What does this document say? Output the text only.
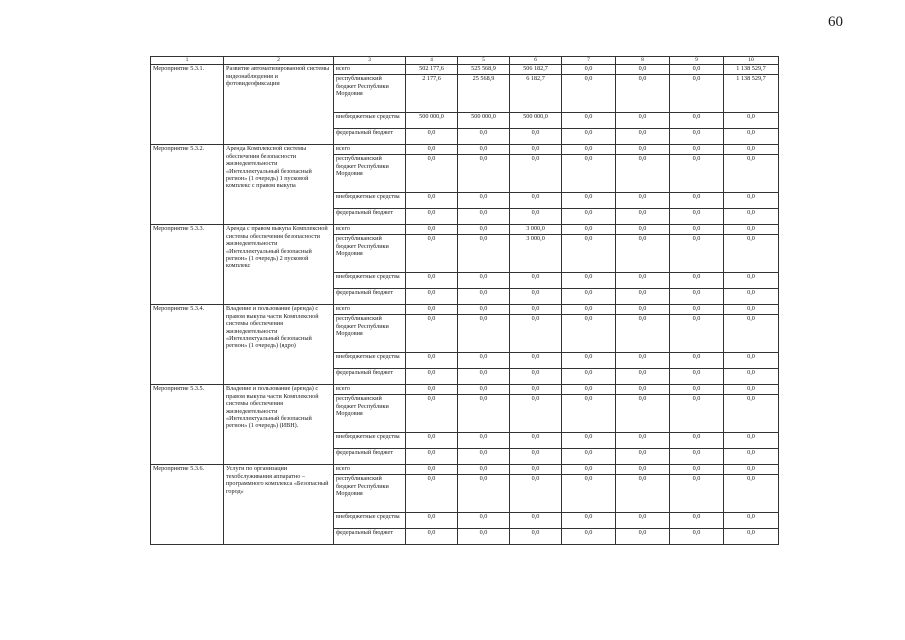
60
1	2	3	4	5	6	7	8	9	10
Мероприятие 5.3.1.	Развитие автоматизированной системы видеонаблюдения и фотовидеофиксации	всего	502 177,6	525 568,9	506 182,7	0,0	0,0	0,0	1 138 529,7
		республиканский бюджет Республики Мордовия	2 177,6	25 568,9	6 182,7	0,0	0,0	0,0	1 138 529,7
		внебюджетные средства	500 000,0	500 000,0	500 000,0	0,0	0,0	0,0	0,0
		федеральный бюджет	0,0	0,0	0,0	0,0	0,0	0,0	0,0
Мероприятие 5.3.2.	Аренда Комплексной системы обеспечения безопасности жизнедеятельности «Интеллектуальный безопасный регион» (1 очередь) 1 пусковой комплекс с правом выкупа	всего	0,0	0,0	0,0	0,0	0,0	0,0	0,0
		республиканский бюджет Республики Мордовия	0,0	0,0	0,0	0,0	0,0	0,0	0,0
		внебюджетные средства	0,0	0,0	0,0	0,0	0,0	0,0	0,0
		федеральный бюджет	0,0	0,0	0,0	0,0	0,0	0,0	0,0
Мероприятие 5.3.3.	Аренда с правом выкупа Комплексной системы обеспечения безопасности жизнедеятельности «Интеллектуальный безопасный регион» (1 очередь) 2 пусковой комплекс	всего	0,0	0,0	3 000,0	0,0	0,0	0,0	0,0
		республиканский бюджет Республики Мордовия	0,0	0,0	3 000,0	0,0	0,0	0,0	0,0
		внебюджетные средства	0,0	0,0	0,0	0,0	0,0	0,0	0,0
		федеральный бюджет	0,0	0,0	0,0	0,0	0,0	0,0	0,0
Мероприятие 5.3.4.	Владение и пользование (аренда) с правом выкупа части Комплексной системы обеспечения жизнедеятельности «Интеллектуальный безопасный регион» (1 очередь) (ядро)	всего	0,0	0,0	0,0	0,0	0,0	0,0	0,0
		республиканский бюджет Республики Мордовия	0,0	0,0	0,0	0,0	0,0	0,0	0,0
		внебюджетные средства	0,0	0,0	0,0	0,0	0,0	0,0	0,0
		федеральный бюджет	0,0	0,0	0,0	0,0	0,0	0,0	0,0
Мероприятие 5.3.5.	Владение и пользование (аренда) с правом выкупа части Комплексной системы обеспечения жизнедеятельности «Интеллектуальный безопасный регион» (1 очередь) (ИВН).	всего	0,0	0,0	0,0	0,0	0,0	0,0	0,0
		республиканский бюджет Республики Мордовия	0,0	0,0	0,0	0,0	0,0	0,0	0,0
		внебюджетные средства	0,0	0,0	0,0	0,0	0,0	0,0	0,0
		федеральный бюджет	0,0	0,0	0,0	0,0	0,0	0,0	0,0
Мероприятие 5.3.6.	Услуги по организации техобслуживания аппаратно – программного комплекса «Безопасный город»	всего	0,0	0,0	0,0	0,0	0,0	0,0	0,0
		республиканский бюджет Республики Мордовия	0,0	0,0	0,0	0,0	0,0	0,0	0,0
		внебюджетные средства	0,0	0,0	0,0	0,0	0,0	0,0	0,0
		федеральный бюджет	0,0	0,0	0,0	0,0	0,0	0,0	0,0
